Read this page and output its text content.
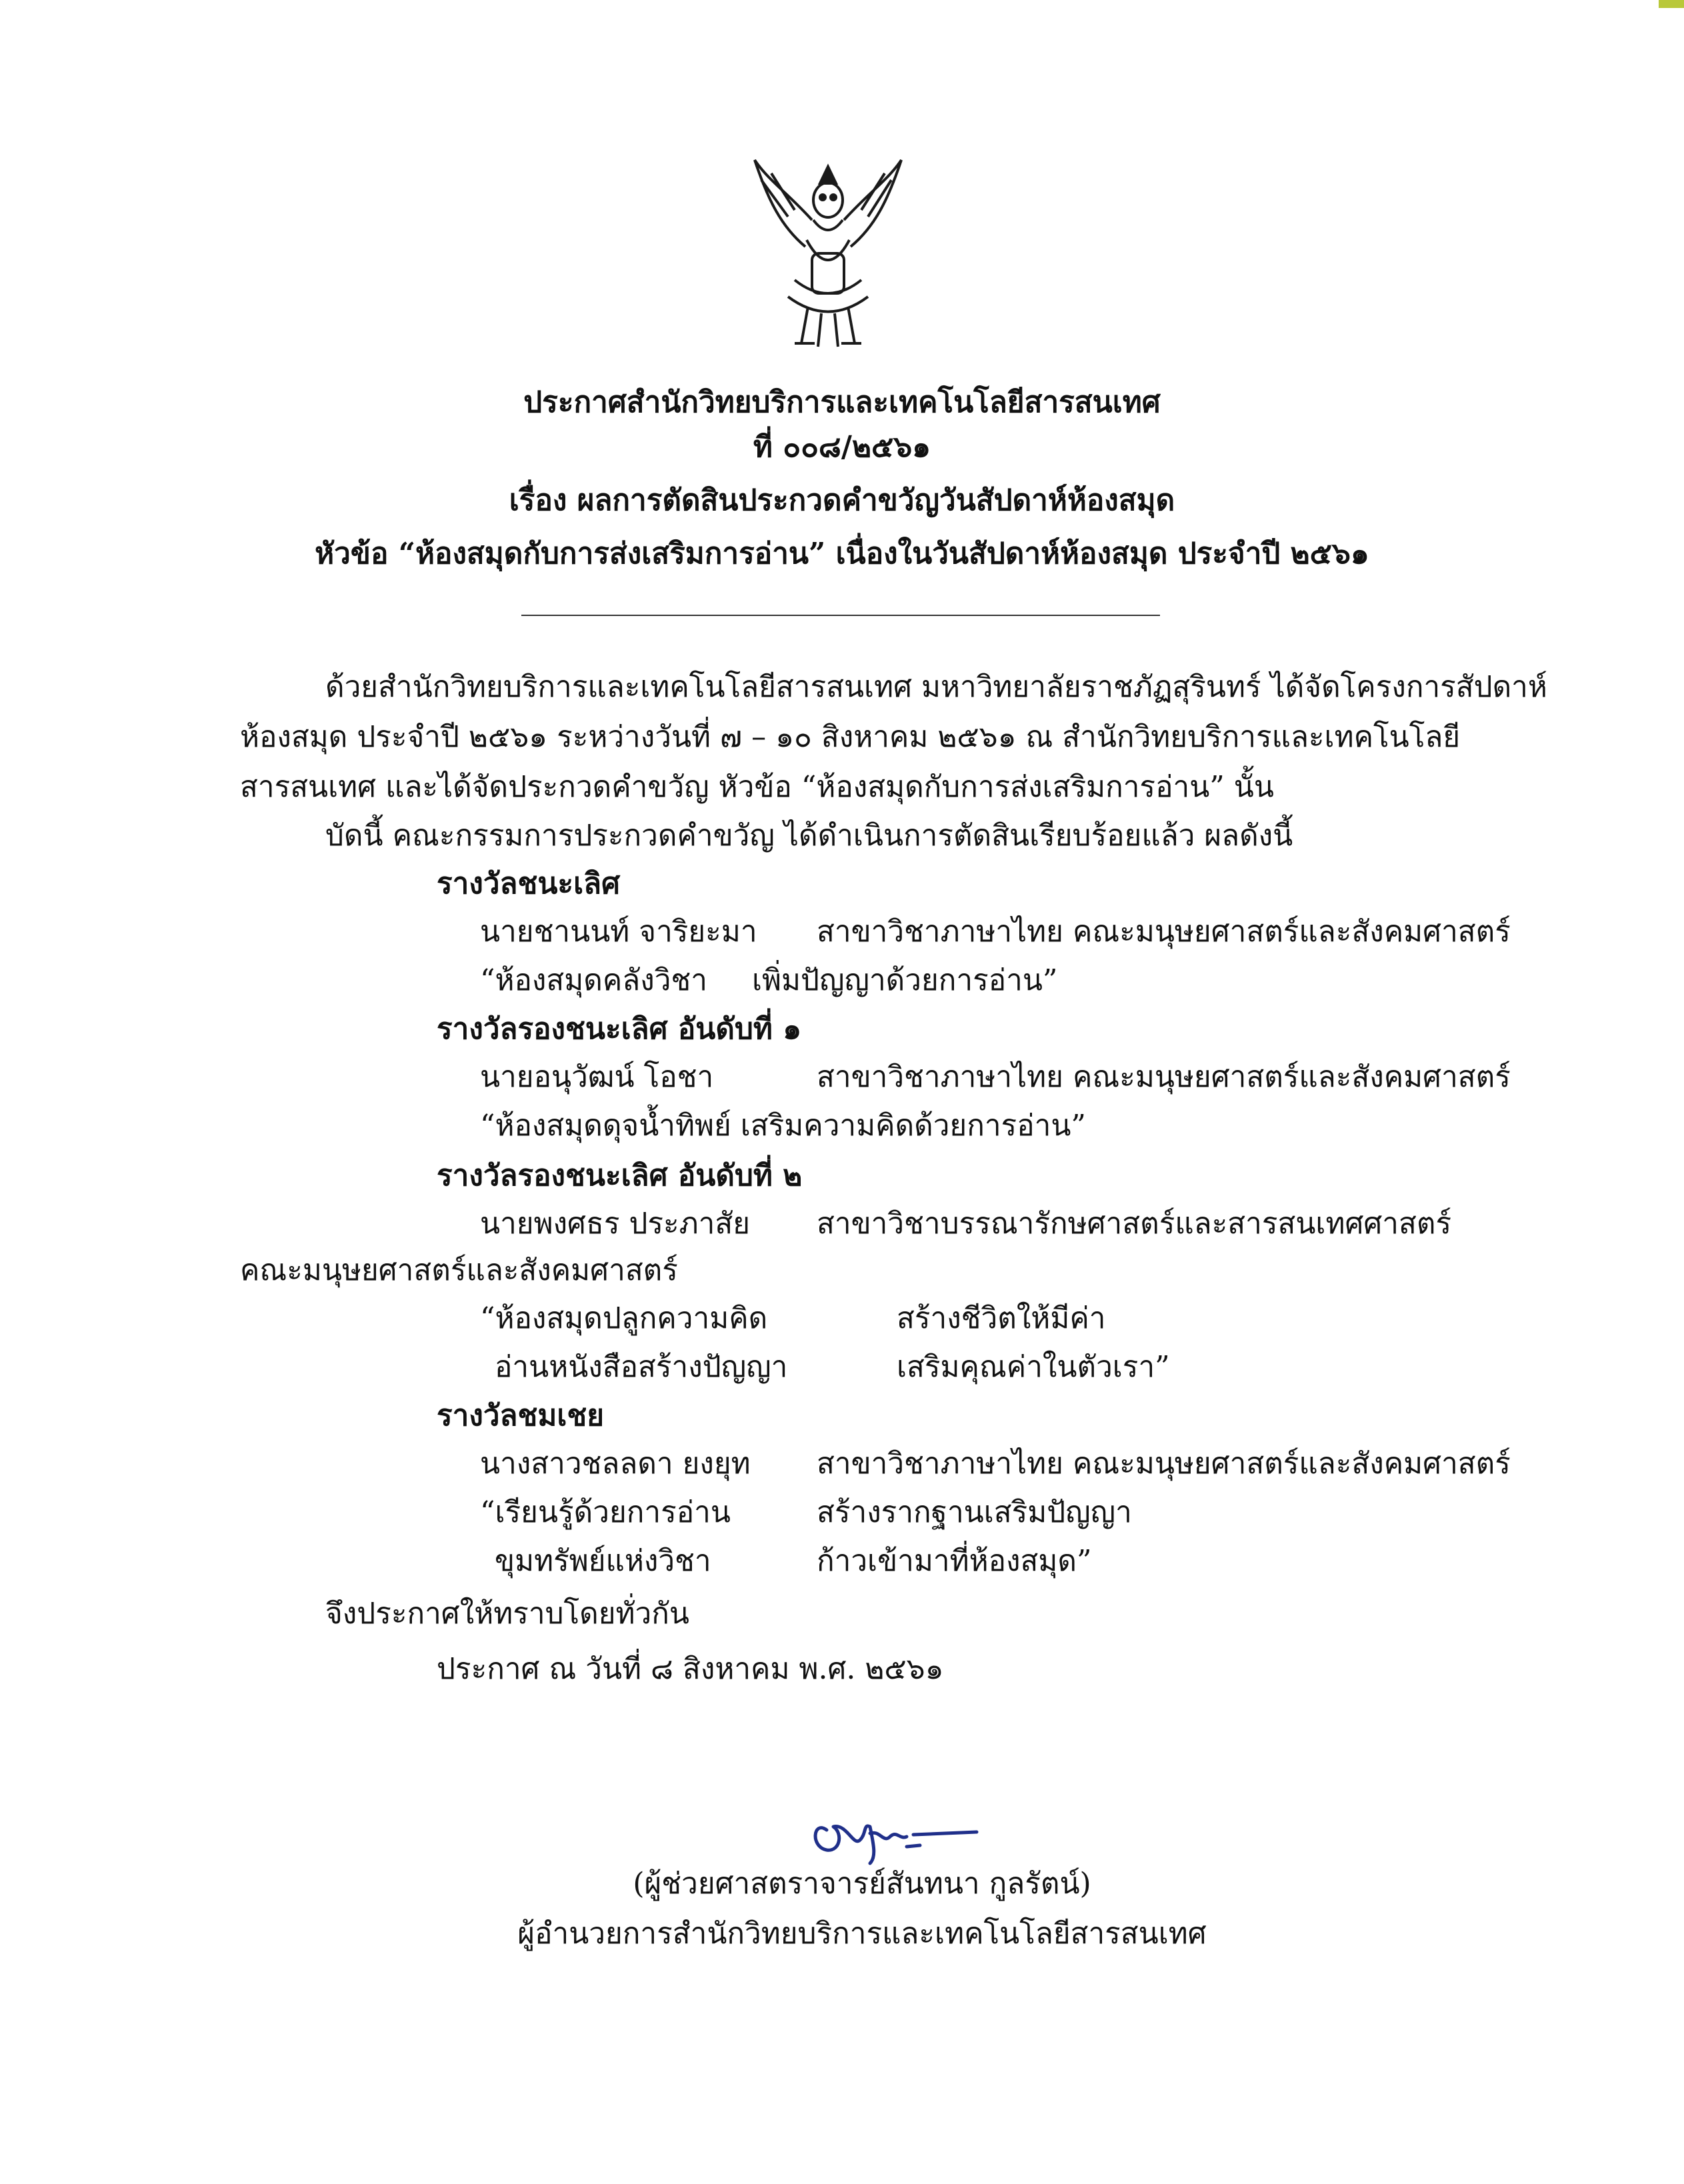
ประกาศสำนักวิทยบริการและเทคโนโลยีสารสนเทศ
ที่ ๐๐๘/๒๕๖๑
เรื่อง ผลการตัดสินประกวดคำขวัญวันสัปดาห์ห้องสมุด
หัวข้อ “ห้องสมุดกับการส่งเสริมการอ่าน” เนื่องในวันสัปดาห์ห้องสมุด ประจำปี ๒๕๖๑
ด้วยสำนักวิทยบริการและเทคโนโลยีสารสนเทศ มหาวิทยาลัยราชภัฏสุรินทร์ ได้จัดโครงการสัปดาห์
ห้องสมุด ประจำปี ๒๕๖๑ ระหว่างวันที่ ๗ – ๑๐ สิงหาคม ๒๕๖๑ ณ สำนักวิทยบริการและเทคโนโลยี
สารสนเทศ และได้จัดประกวดคำขวัญ หัวข้อ “ห้องสมุดกับการส่งเสริมการอ่าน” นั้น
บัดนี้ คณะกรรมการประกวดคำขวัญ ได้ดำเนินการตัดสินเรียบร้อยแล้ว ผลดังนี้
รางวัลชนะเลิศ
นายชานนท์ จาริยะมา สาขาวิชาภาษาไทย คณะมนุษยศาสตร์และสังคมศาสตร์
“ห้องสมุดคลังวิชา เพิ่มปัญญาด้วยการอ่าน”
รางวัลรองชนะเลิศ อันดับที่ ๑
นายอนุวัฒน์ โอชา	สาขาวิชาภาษาไทย คณะมนุษยศาสตร์และสังคมศาสตร์
“ห้องสมุดดุจน้ำทิพย์ เสริมความคิดด้วยการอ่าน”
รางวัลรองชนะเลิศ อันดับที่ ๒
นายพงศธร ประภาสัย สาขาวิชาบรรณารักษศาสตร์และสารสนเทศศาสตร์
คณะมนุษยศาสตร์และสังคมศาสตร์
“ห้องสมุดปลูกความคิด	สร้างชีวิตให้มีค่า
อ่านหนังสือสร้างปัญญา	เสริมคุณค่าในตัวเรา”
รางวัลชมเชย
นางสาวชลลดา ยงยุท สาขาวิชาภาษาไทย คณะมนุษยศาสตร์และสังคมศาสตร์
“เรียนรู้ด้วยการอ่าน	สร้างรากฐานเสริมปัญญา
ขุมทรัพย์แห่งวิชา	ก้าวเข้ามาที่ห้องสมุด”
จึงประกาศให้ทราบโดยทั่วกัน
ประกาศ ณ วันที่ ๘ สิงหาคม พ.ศ. ๒๕๖๑
(ผู้ช่วยศาสตราจารย์สันทนา กูลรัตน์)
ผู้อำนวยการสำนักวิทยบริการและเทคโนโลยีสารสนเทศ
